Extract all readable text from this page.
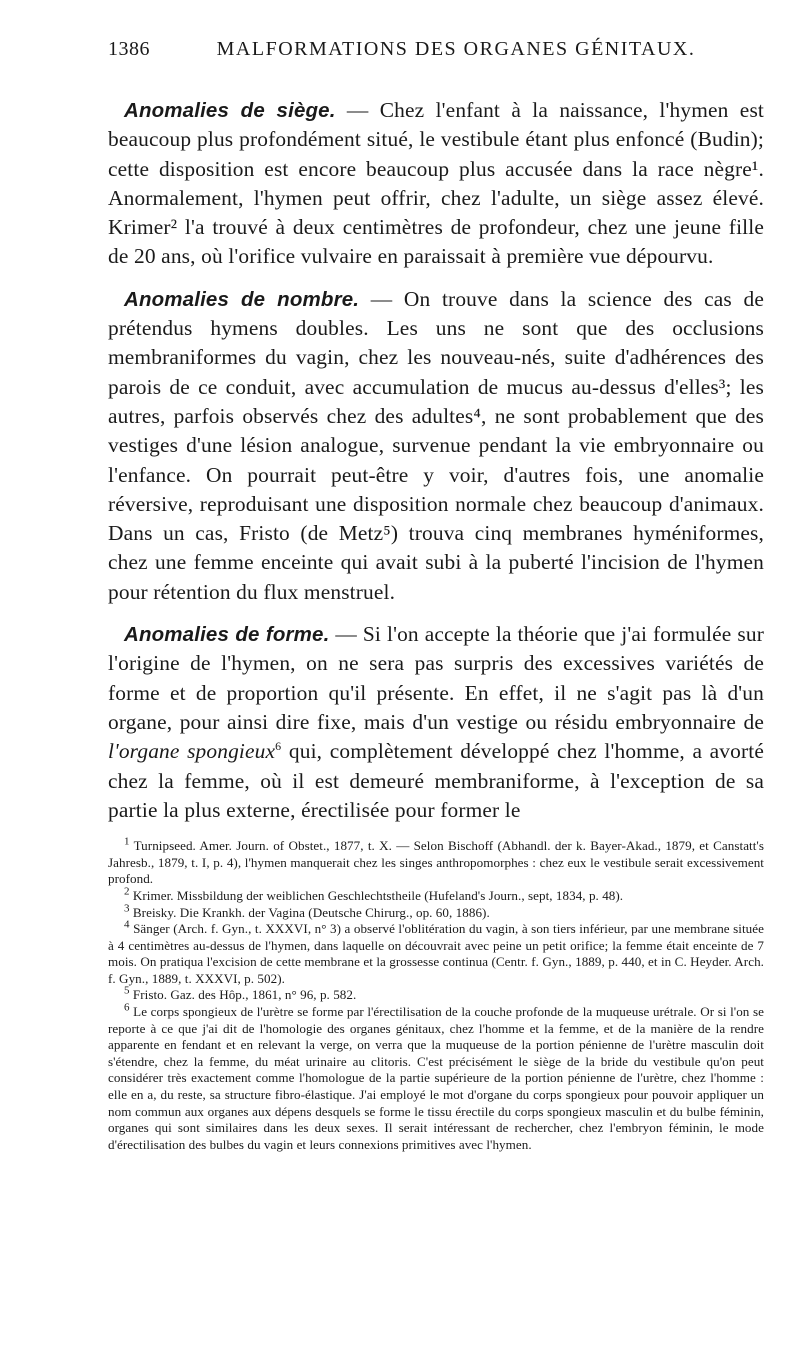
1386	MALFORMATIONS DES ORGANES GÉNITAUX.

Anomalies de siège. — Chez l'enfant à la naissance, l'hymen est beaucoup plus profondément situé, le vestibule étant plus enfoncé (Budin); cette disposition est encore beaucoup plus accusée dans la race nègre¹. Anormalement, l'hymen peut offrir, chez l'adulte, un siège assez élevé. Krimer² l'a trouvé à deux centimètres de profondeur, chez une jeune fille de 20 ans, où l'orifice vulvaire en paraissait à première vue dépourvu.

Anomalies de nombre. — On trouve dans la science des cas de prétendus hymens doubles. Les uns ne sont que des occlusions membraniformes du vagin, chez les nouveau-nés, suite d'adhérences des parois de ce conduit, avec accumulation de mucus au-dessus d'elles³; les autres, parfois observés chez des adultes⁴, ne sont probablement que des vestiges d'une lésion analogue, survenue pendant la vie embryonnaire ou l'enfance. On pourrait peut-être y voir, d'autres fois, une anomalie réversive, reproduisant une disposition normale chez beaucoup d'animaux. Dans un cas, Fristo (de Metz⁵) trouva cinq membranes hyméniformes, chez une femme enceinte qui avait subi à la puberté l'incision de l'hymen pour rétention du flux menstruel.

Anomalies de forme. — Si l'on accepte la théorie que j'ai formulée sur l'origine de l'hymen, on ne sera pas surpris des excessives variétés de forme et de proportion qu'il présente. En effet, il ne s'agit pas là d'un organe, pour ainsi dire fixe, mais d'un vestige ou résidu embryonnaire de l'organe spongieux$^6$ qui, complètement développé chez l'homme, a avorté chez la femme, où il est demeuré membraniforme, à l'exception de sa partie la plus externe, érectilisée pour former le

$^1$ Turnipseed. Amer. Journ. of Obstet., 1877, t. X. — Selon Bischoff (Abhandl. der k. Bayer-Akad., 1879, et Canstatt's Jahresb., 1879, t. I, p. 4), l'hymen manquerait chez les singes anthropomorphes : chez eux le vestibule serait excessivement profond.

$^2$ Krimer. Missbildung der weiblichen Geschlechtstheile (Hufeland's Journ., sept, 1834, p. 48).

$^3$ Breisky. Die Krankh. der Vagina (Deutsche Chirurg., op. 60, 1886).

$^4$ Sänger (Arch. f. Gyn., t. XXXVI, n° 3) a observé l'oblitération du vagin, à son tiers inférieur, par une membrane située à 4 centimètres au-dessus de l'hymen, dans laquelle on découvrait avec peine un petit orifice; la femme était enceinte de 7 mois. On pratiqua l'excision de cette membrane et la grossesse continua (Centr. f. Gyn., 1889, p. 440, et in C. Heyder. Arch. f. Gyn., 1889, t. XXXVI, p. 502).

$^5$ Fristo. Gaz. des Hôp., 1861, n° 96, p. 582.

$^6$ Le corps spongieux de l'urètre se forme par l'érectilisation de la couche profonde de la muqueuse urétrale. Or si l'on se reporte à ce que j'ai dit de l'homologie des organes génitaux, chez l'homme et la femme, et de la manière de la rendre apparente en fendant et en relevant la verge, on verra que la muqueuse de la portion pénienne de l'urètre masculin doit s'étendre, chez la femme, du méat urinaire au clitoris. C'est précisément le siège de la bride du vestibule qu'on peut considérer très exactement comme l'homologue de la partie supérieure de la portion pénienne de l'urètre, chez l'homme : elle en a, du reste, sa structure fibro-élastique. J'ai employé le mot d'organe du corps spongieux pour pouvoir appliquer un nom commun aux organes aux dépens desquels se forme le tissu érectile du corps spongieux masculin et du bulbe féminin, organes qui sont similaires dans les deux sexes. Il serait intéressant de rechercher, chez l'embryon féminin, le mode d'érectilisation des bulbes du vagin et leurs connexions primitives avec l'hymen.
